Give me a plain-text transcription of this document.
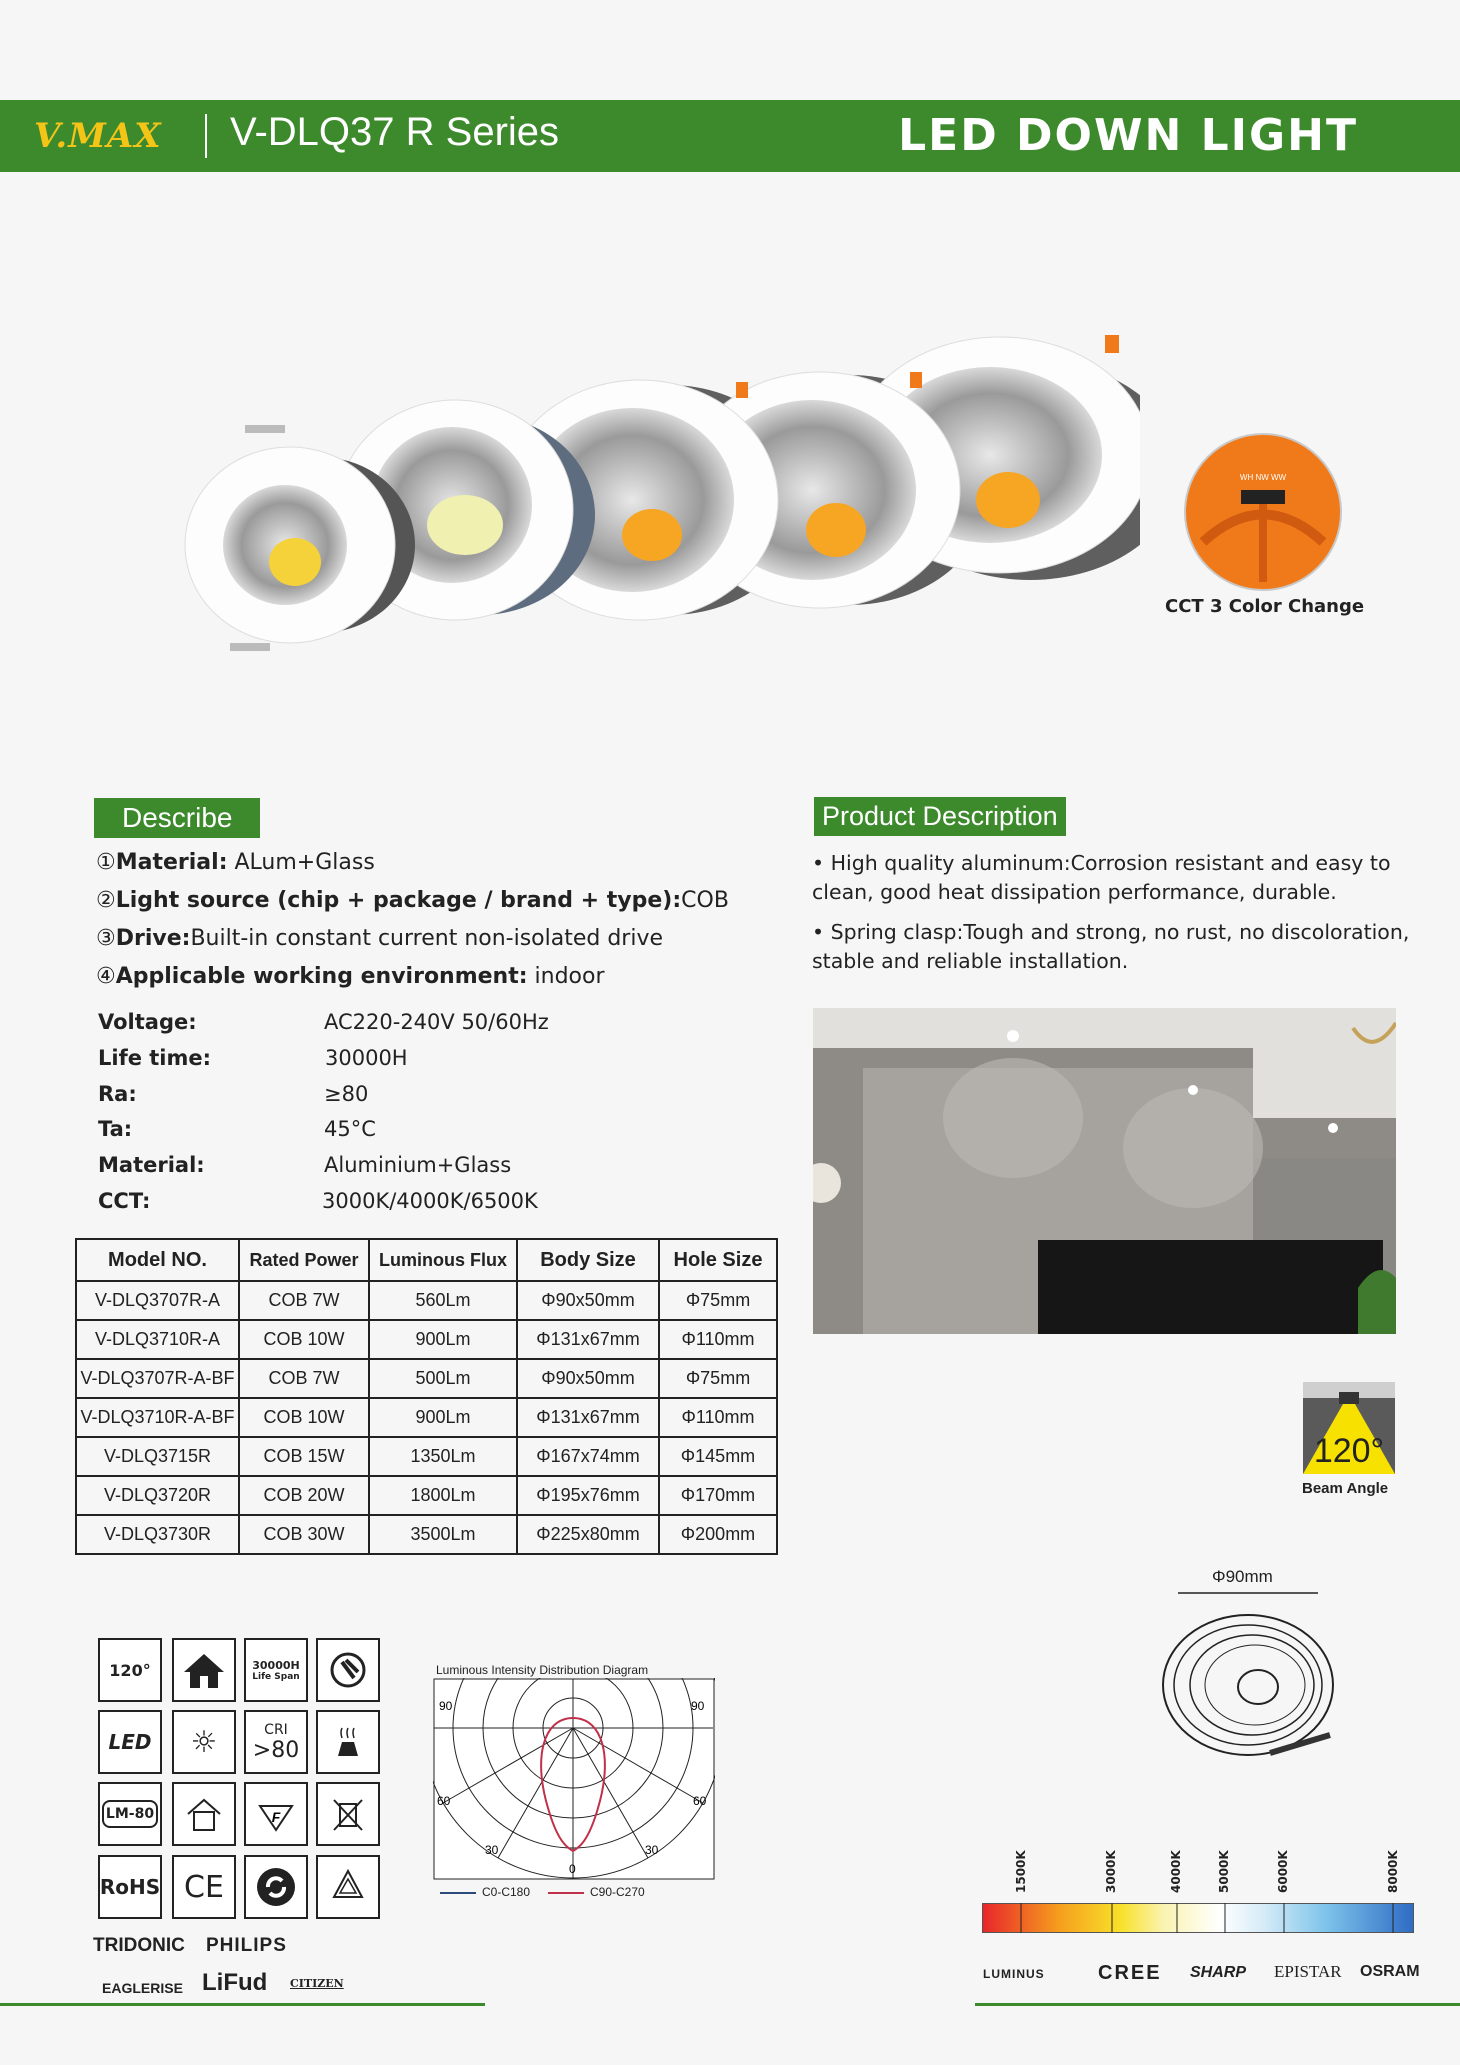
V.MAX V-DLQ37 R Series	LED DOWN LIGHT
WH NW WW
CCT 3 Color Change
Describe
①Material: ALum+Glass
②Light source (chip + package / brand + type):COB
③Drive:Built-in constant current non-isolated drive
④Applicable working environment: indoor
Voltage:	AC220-240V 50/60Hz
Life time:	30000H
Ra:	≥80
Ta:	45°C
Material:	Aluminium+Glass
CCT:	3000K/4000K/6500K
Model NO.	Rated Power	Luminous Flux	Body Size	Hole Size
V-DLQ3707R-A	COB 7W	560Lm	Φ90x50mm	Φ75mm
V-DLQ3710R-A	COB 10W	900Lm	Φ131x67mm	Φ110mm
V-DLQ3707R-A-BF	COB 7W	500Lm	Φ90x50mm	Φ75mm
V-DLQ3710R-A-BF	COB 10W	900Lm	Φ131x67mm	Φ110mm
V-DLQ3715R	COB 15W	1350Lm	Φ167x74mm	Φ145mm
V-DLQ3720R	COB 20W	1800Lm	Φ195x76mm	Φ170mm
V-DLQ3730R	COB 30W	3500Lm	Φ225x80mm	Φ200mm
Product Description
• High quality aluminum:Corrosion resistant and easy to clean, good heat dissipation performance, durable.
• Spring clasp:Tough and strong, no rust, no discoloration, stable and reliable installation.
120°
Beam Angle
Φ90mm
120°	30000H
Life Span
LED	☼	CRI
>80
LM-80	F
RoHS CE
Luminous Intensity Distribution Diagram
90	90
60	60
30	30
0
C0-C180	C90-C270	1500K	3000K	4000K	5000K	6000K	8000K
TRIDONIC PHILIPS
EAGLERISE LiFud CITIZEN
LUMINUS	CREE SHARP EPISTAR OSRAM
